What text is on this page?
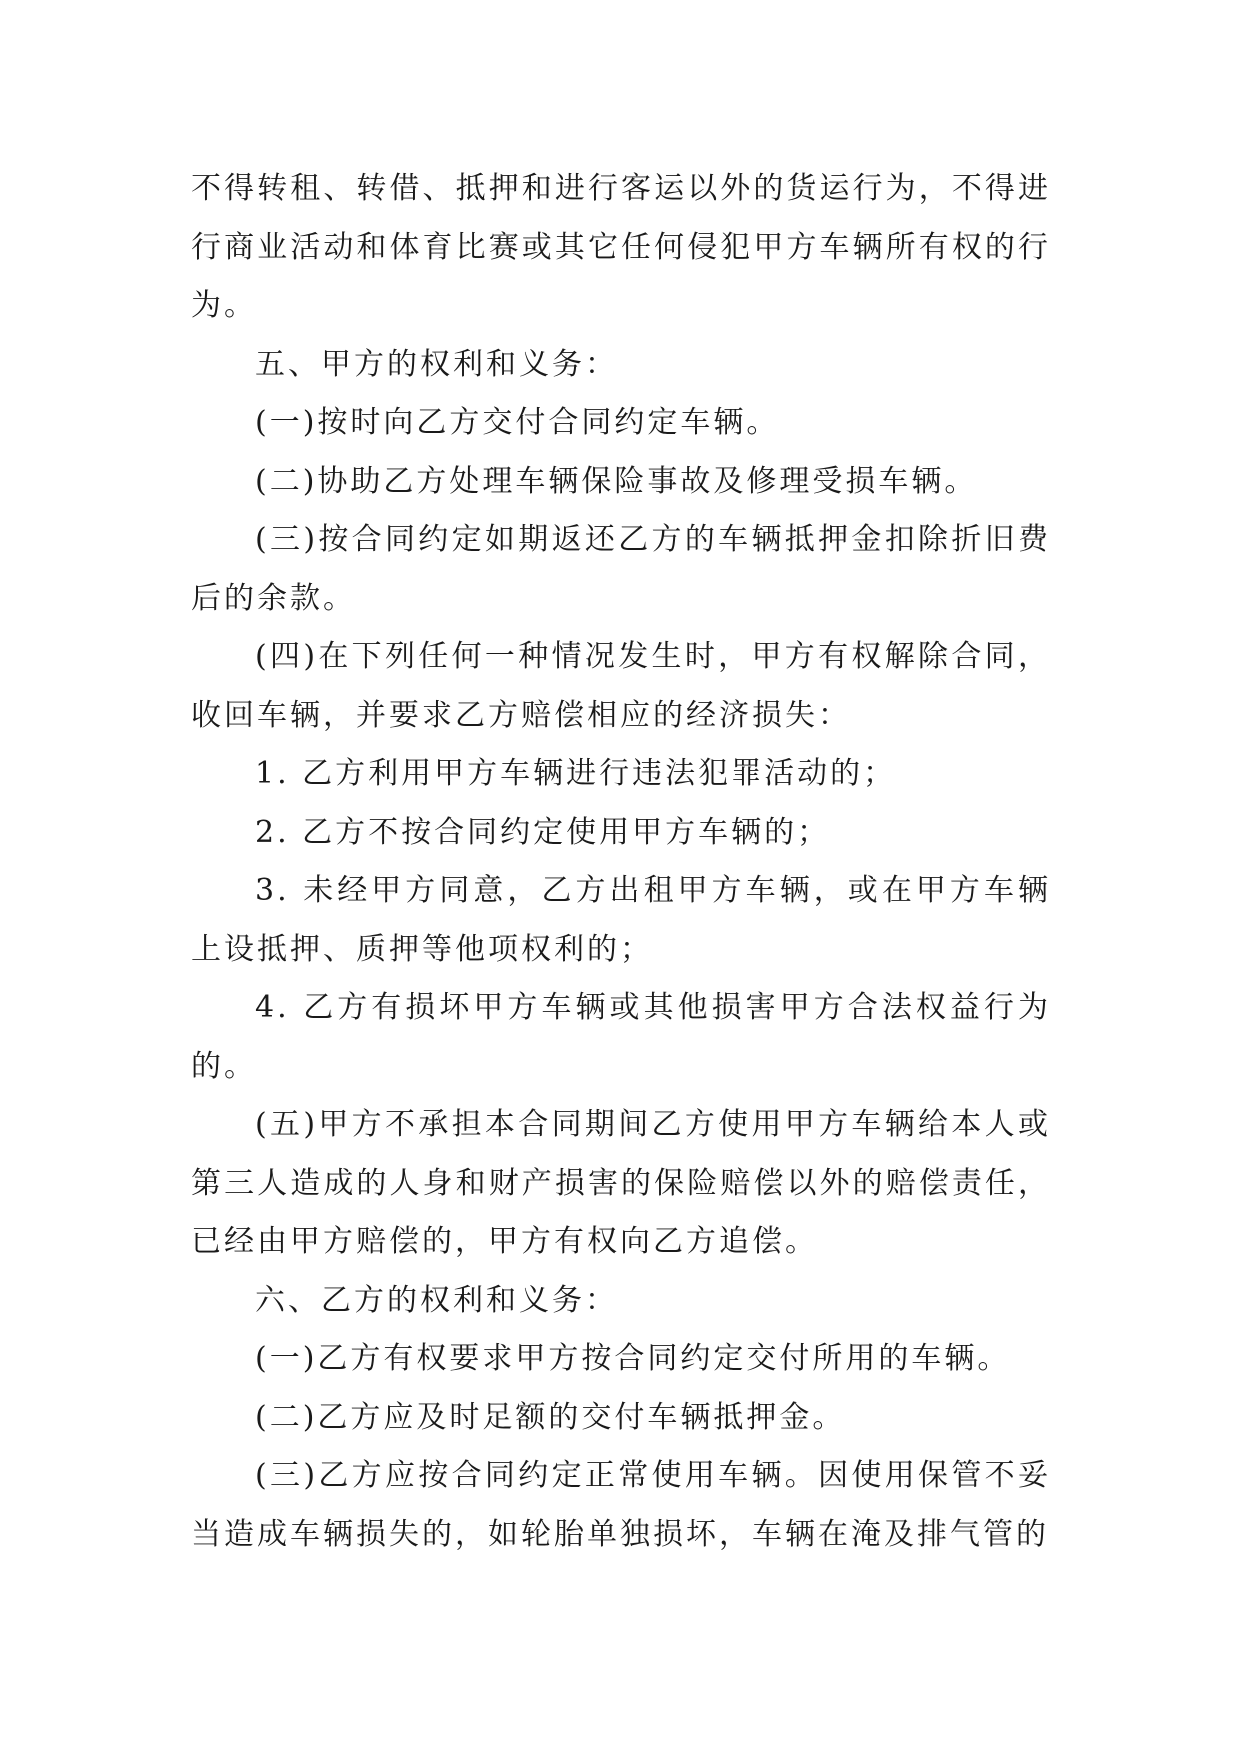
不得转租、转借、抵押和进行客运以外的货运行为，不得进行商业活动和体育比赛或其它任何侵犯甲方车辆所有权的行为。

五、甲方的权利和义务：

(一)按时向乙方交付合同约定车辆。

(二)协助乙方处理车辆保险事故及修理受损车辆。

(三)按合同约定如期返还乙方的车辆抵押金扣除折旧费后的余款。

(四)在下列任何一种情况发生时，甲方有权解除合同，收回车辆，并要求乙方赔偿相应的经济损失：

1. 乙方利用甲方车辆进行违法犯罪活动的；

2. 乙方不按合同约定使用甲方车辆的；

3. 未经甲方同意，乙方出租甲方车辆，或在甲方车辆上设抵押、质押等他项权利的；

4. 乙方有损坏甲方车辆或其他损害甲方合法权益行为的。

(五)甲方不承担本合同期间乙方使用甲方车辆给本人或第三人造成的人身和财产损害的保险赔偿以外的赔偿责任，已经由甲方赔偿的，甲方有权向乙方追偿。

六、乙方的权利和义务：

(一)乙方有权要求甲方按合同约定交付所用的车辆。

(二)乙方应及时足额的交付车辆抵押金。

(三)乙方应按合同约定正常使用车辆。因使用保管不妥当造成车辆损失的，如轮胎单独损坏，车辆在淹及排气管的
